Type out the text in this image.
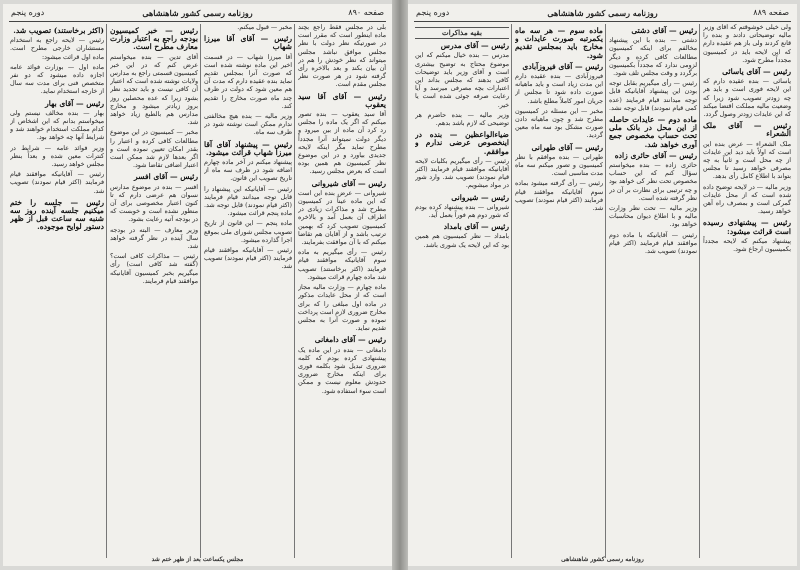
صفحه ۸۹۰
روزنامه رسمی کشور شاهنشاهی
دوره پنجم

بلی در مجلس فقط راجع بچند ماده اینطور است که مقرر است در صورتیکه نظر دولت با نظر مجلس موافق نباشد مجلس میتواند که نظر خودش را هم در آن بیان بکند و بعد بالاخره رأی گرفته شود در هر صورت نظر مجلس مقدم است.

رئیس — آقای آقا سید یعقوب

آقا سید یعقوب — بنده تصور میکنم که اگر یک ماده را مجلس رد کرد آن ماده از بین میرود و دیگر دولت نمیتواند آنرا مجدداً مطرح نماید مگر اینکه لایحه جدیدی بیاورد و در این موضوع نظر کمیسیون هم همین بوده است که بعرض مجلس رسید.

رئیس — آقای شیروانی

شیروانی — عرض بنده این است که این ماده عیناً در کمیسیون مطرح شد و مذاکرات زیادی در اطراف آن بعمل آمد و بالاخره کمیسیون تصویب کرد که بهمین ترتیب باشد و از آقایان هم تقاضا میکنم که با آن موافقت بفرمایند.

رئیس — رأی میگیریم به ماده سوم آقایانیکه موافقند قیام فرمایند (اکثر برخاستند) تصویب شد ماده چهارم قرائت میشود.

ماده چهارم — وزارت مالیه مجاز است که از محل عایدات مذکور در ماده اول مبلغی را که برای مخارج ضروری لازم است پرداخت نموده و صورت آنرا به مجلس تقدیم نماید.

رئیس — آقای دامغانی

دامغانی — بنده در این ماده یک پیشنهادی کرده بودم که کلمه ضروری تبدیل شود بکلمه فوری برای اینکه مخارج ضروری حدودش معلوم نیست و ممکن است سوء استفاده شود.

مخبر — قبول میکنم.

رئیس — آقای آقا میرزا شهاب

آقا میرزا شهاب — در قسمت اخیر این ماده نوشته شده است که صورت آنرا بمجلس تقدیم نماید بنده عقیده دارم که مدت آن هم معین شود که دولت در ظرف چند ماه صورت مخارج را تقدیم کند.

وزیر مالیه — بنده هیچ مخالفتی ندارم ممکن است نوشته شود در ظرف سه ماه.

رئیس — پیشنهاد آقای آقا میرزا شهاب قرائت میشود.

پیشنهاد میکنم در آخر ماده چهارم اضافه شود در ظرف سه ماه از تاریخ تصویب این قانون.

رئیس — آقایانیکه این پیشنهاد را قابل توجه میدانند قیام فرمایند (اکثر قیام نمودند) قابل توجه شد. ماده پنجم قرائت میشود.

ماده پنجم — این قانون از تاریخ تصویب مجلس شورای ملی بموقع اجرا گذارده میشود.

رئیس — آقایانیکه موافقند قیام فرمایند (اکثر قیام نمودند) تصویب شد.

رئیس — خبر کمیسیون بودجه راجع به اعتبار وزارت معارف مطرح است.

آقای تدین — بنده میخواستم عرض کنم که در این خبر کمیسیون قسمتی راجع به مدارس ولایات نوشته شده است که اعتبار آن کافی نیست و باید تجدید نظر بشود زیرا که عده محصلین روز بروز زیادتر میشود و مخارج مدارس هم بالطبع زیاد خواهد شد.

مخبر — کمیسیون در این موضوع مطالعات کافی کرده و اعتبار را بقدر امکان تعیین نموده است و اگر بعدها لازم شد ممکن است اعتبار اضافی تقاضا شود.

رئیس — آقای افسر

افسر — بنده در موضوع مدارس نسوان هم عرضی دارم که تا کنون اعتبار مخصوصی برای آن منظور نشده است و خوبست که در بودجه آتیه رعایت بشود.

وزیر معارف — البته در بودجه سال آینده در نظر گرفته خواهد شد.

رئیس — مذاکرات کافی است؟ (گفته شد کافی است) رأی میگیریم بخبر کمیسیون آقایانیکه موافقند قیام فرمایند.

(اکثر برخاستند) تصویب شد.

رئیس — لایحه راجع به استخدام مستشاران خارجی مطرح است. ماده اول قرائت میشود:

ماده اول — بوزارت فوائد عامه اجازه داده میشود که دو نفر متخصص فنی برای مدت سه سال از خارجه استخدام نماید.

رئیس — آقای بهار

بهار — بنده مخالف نیستم ولی میخواستم بدانم که این اشخاص از کدام مملکت استخدام خواهند شد و شرایط آنها چه خواهد بود.

وزیر فوائد عامه — شرایط در کنترات معین شده و بعداً بنظر مجلس خواهد رسید.

رئیس — آقایانیکه موافقند قیام فرمایند (اکثر قیام نمودند) تصویب شد.

رئیس — جلسه را ختم میکنیم جلسه آینده روز سه شنبه سه ساعت قبل از ظهر دستور لوایح موجوده.

مجلس یکساعت بعد از ظهر ختم شد
صفحه ۸۸۹
روزنامه رسمی کشور شاهنشاهی
دوره پنجم

ولی خیلی خوشوقتم که آقای وزیر مالیه توضیحاتی دادند و بنده را قانع کردند ولی باز هم عقیده دارم که این لایحه باید در کمیسیون مجدداً مطرح شود.

رئیس — آقای یاسائی

یاسائی — بنده عقیده دارم که این لایحه فوری است و باید هر چه زودتر تصویب شود زیرا که وضعیت مالیه مملکت اقتضا میکند که این عایدات زودتر وصول گردد.

رئیس — آقای ملک الشعراء

ملک الشعراء — عرض بنده این است که اولاً باید دید این عایدات از چه محل است و ثانیاً به چه مصرفی خواهد رسید تا مجلس بتواند با اطلاع کامل رأی بدهد.

وزیر مالیه — در لایحه توضیح داده شده است که از محل عایدات گمرکی است و بمصرف راه آهن خواهد رسید.

رئیس — پیشنهادی رسیده است قرائت میشود:

پیشنهاد میکنم که لایحه مجدداً بکمیسیون ارجاع شود.

رئیس — آقای دشتی

دشتی — بنده با این پیشنهاد مخالفم برای اینکه کمیسیون مطالعات کافی کرده و دیگر لزومی ندارد که مجدداً بکمیسیون برگردد و وقت مجلس تلف شود.

رئیس — رأی میگیریم بقابل توجه بودن این پیشنهاد آقایانیکه قابل توجه میدانند قیام فرمایند (عده کمی قیام نمودند) قابل توجه نشد.

ماده دوم — عایدات حاصله از این محل در بانک ملی تحت حساب مخصوص جمع آوری خواهد شد.

رئیس — آقای حائری زاده

حائری زاده — بنده میخواستم سؤال کنم که این حساب مخصوص تحت نظر کی خواهد بود و چه ترتیبی برای نظارت بر آن در نظر گرفته شده است.

وزیر مالیه — تحت نظر وزارت مالیه و با اطلاع دیوان محاسبات خواهد بود.

رئیس — آقایانیکه با ماده دوم موافقند قیام فرمایند (اکثر قیام نمودند) تصویب شد.

ماده سوم — هر سه ماه یکمرتبه صورت عایدات و مخارج باید بمجلس تقدیم شود.

رئیس — آقای فیروزآبادی

فیروزآبادی — بنده عقیده دارم این مدت زیاد است و باید ماهیانه صورت داده شود تا مجلس از جریان امور کاملاً مطلع باشد.

مخبر — این مسئله در کمیسیون مطرح شد و چون ماهیانه دادن صورت مشکل بود سه ماه معین گردید.

رئیس — آقای طهرانی

طهرانی — بنده موافقم با نظر کمیسیون و تصور میکنم سه ماه مدت مناسبی است.

رئیس — رأی گرفته میشود بماده سوم آقایانیکه موافقند قیام فرمایند (اکثر قیام نمودند) تصویب شد.

بقیه مذاکرات

رئیس — آقای مدرس

مدرس — بنده خیال میکنم که این موضوع محتاج به توضیح بیشتری است و آقای وزیر باید توضیحات کافی بدهند که مجلس بداند این اعتبارات بچه مصرفی میرسد و آیا رعایت صرفه جوئی شده است یا خیر.

وزیر مالیه — بنده حاضرم هر توضیحی که لازم باشد بدهم.

ضیاءالواعظین — بنده در اینخصوص عرضی ندارم و موافقم.

رئیس — رأی میگیریم بکلیات لایحه آقایانیکه موافقند قیام فرمایند (اکثر قیام نمودند) تصویب شد. وارد شور در مواد میشویم.

رئیس — شیروانی

شیروانی — بنده پیشنهاد کرده بودم که شور دوم هم فوراً بعمل آید.

رئیس — آقای بامداد

بامداد — نظر کمیسیون هم همین بود که این لایحه یک شوری باشد.

روزنامه رسمی کشور شاهنشاهی
